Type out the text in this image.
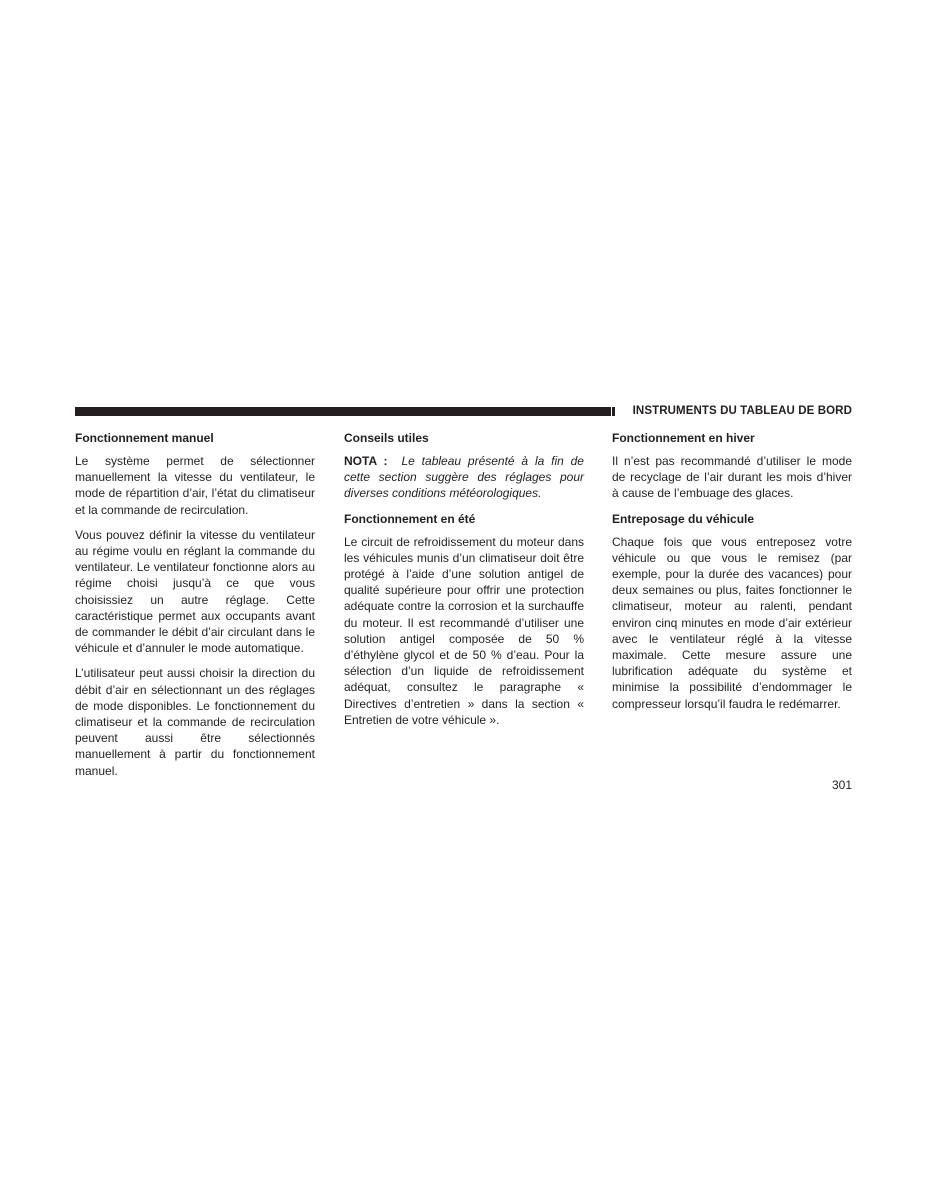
INSTRUMENTS DU TABLEAU DE BORD
Fonctionnement manuel

Le système permet de sélectionner manuellement la vitesse du ventilateur, le mode de répartition d’air, l’état du climatiseur et la commande de recirculation.

Vous pouvez définir la vitesse du ventilateur au régime voulu en réglant la commande du ventilateur. Le ventilateur fonctionne alors au régime choisi jusqu’à ce que vous choisissiez un autre réglage. Cette caractéristique permet aux occupants avant de commander le débit d’air circulant dans le véhicule et d’annuler le mode automatique.

L’utilisateur peut aussi choisir la direction du débit d’air en sélectionnant un des réglages de mode disponibles. Le fonctionnement du climatiseur et la commande de recirculation peuvent aussi être sélectionnés manuellement à partir du fonctionnement manuel.

Conseils utiles

NOTA : Le tableau présenté à la fin de cette section suggère des réglages pour diverses conditions météorologiques.

Fonctionnement en été

Le circuit de refroidissement du moteur dans les véhicules munis d’un climatiseur doit être protégé à l’aide d’une solution antigel de qualité supérieure pour offrir une protection adéquate contre la corrosion et la surchauffe du moteur. Il est recommandé d’utiliser une solution antigel composée de 50 % d’éthylène glycol et de 50 % d’eau. Pour la sélection d’un liquide de refroidissement adéquat, consultez le paragraphe « Directives d’entretien » dans la section « Entretien de votre véhicule ».

Fonctionnement en hiver

Il n’est pas recommandé d’utiliser le mode de recyclage de l’air durant les mois d’hiver à cause de l’embuage des glaces.

Entreposage du véhicule

Chaque fois que vous entreposez votre véhicule ou que vous le remisez (par exemple, pour la durée des vacances) pour deux semaines ou plus, faites fonctionner le climatiseur, moteur au ralenti, pendant environ cinq minutes en mode d’air extérieur avec le ventilateur réglé à la vitesse maximale. Cette mesure assure une lubrification adéquate du système et minimise la possibilité d’endommager le compresseur lorsqu’il faudra le redémarrer.

301
